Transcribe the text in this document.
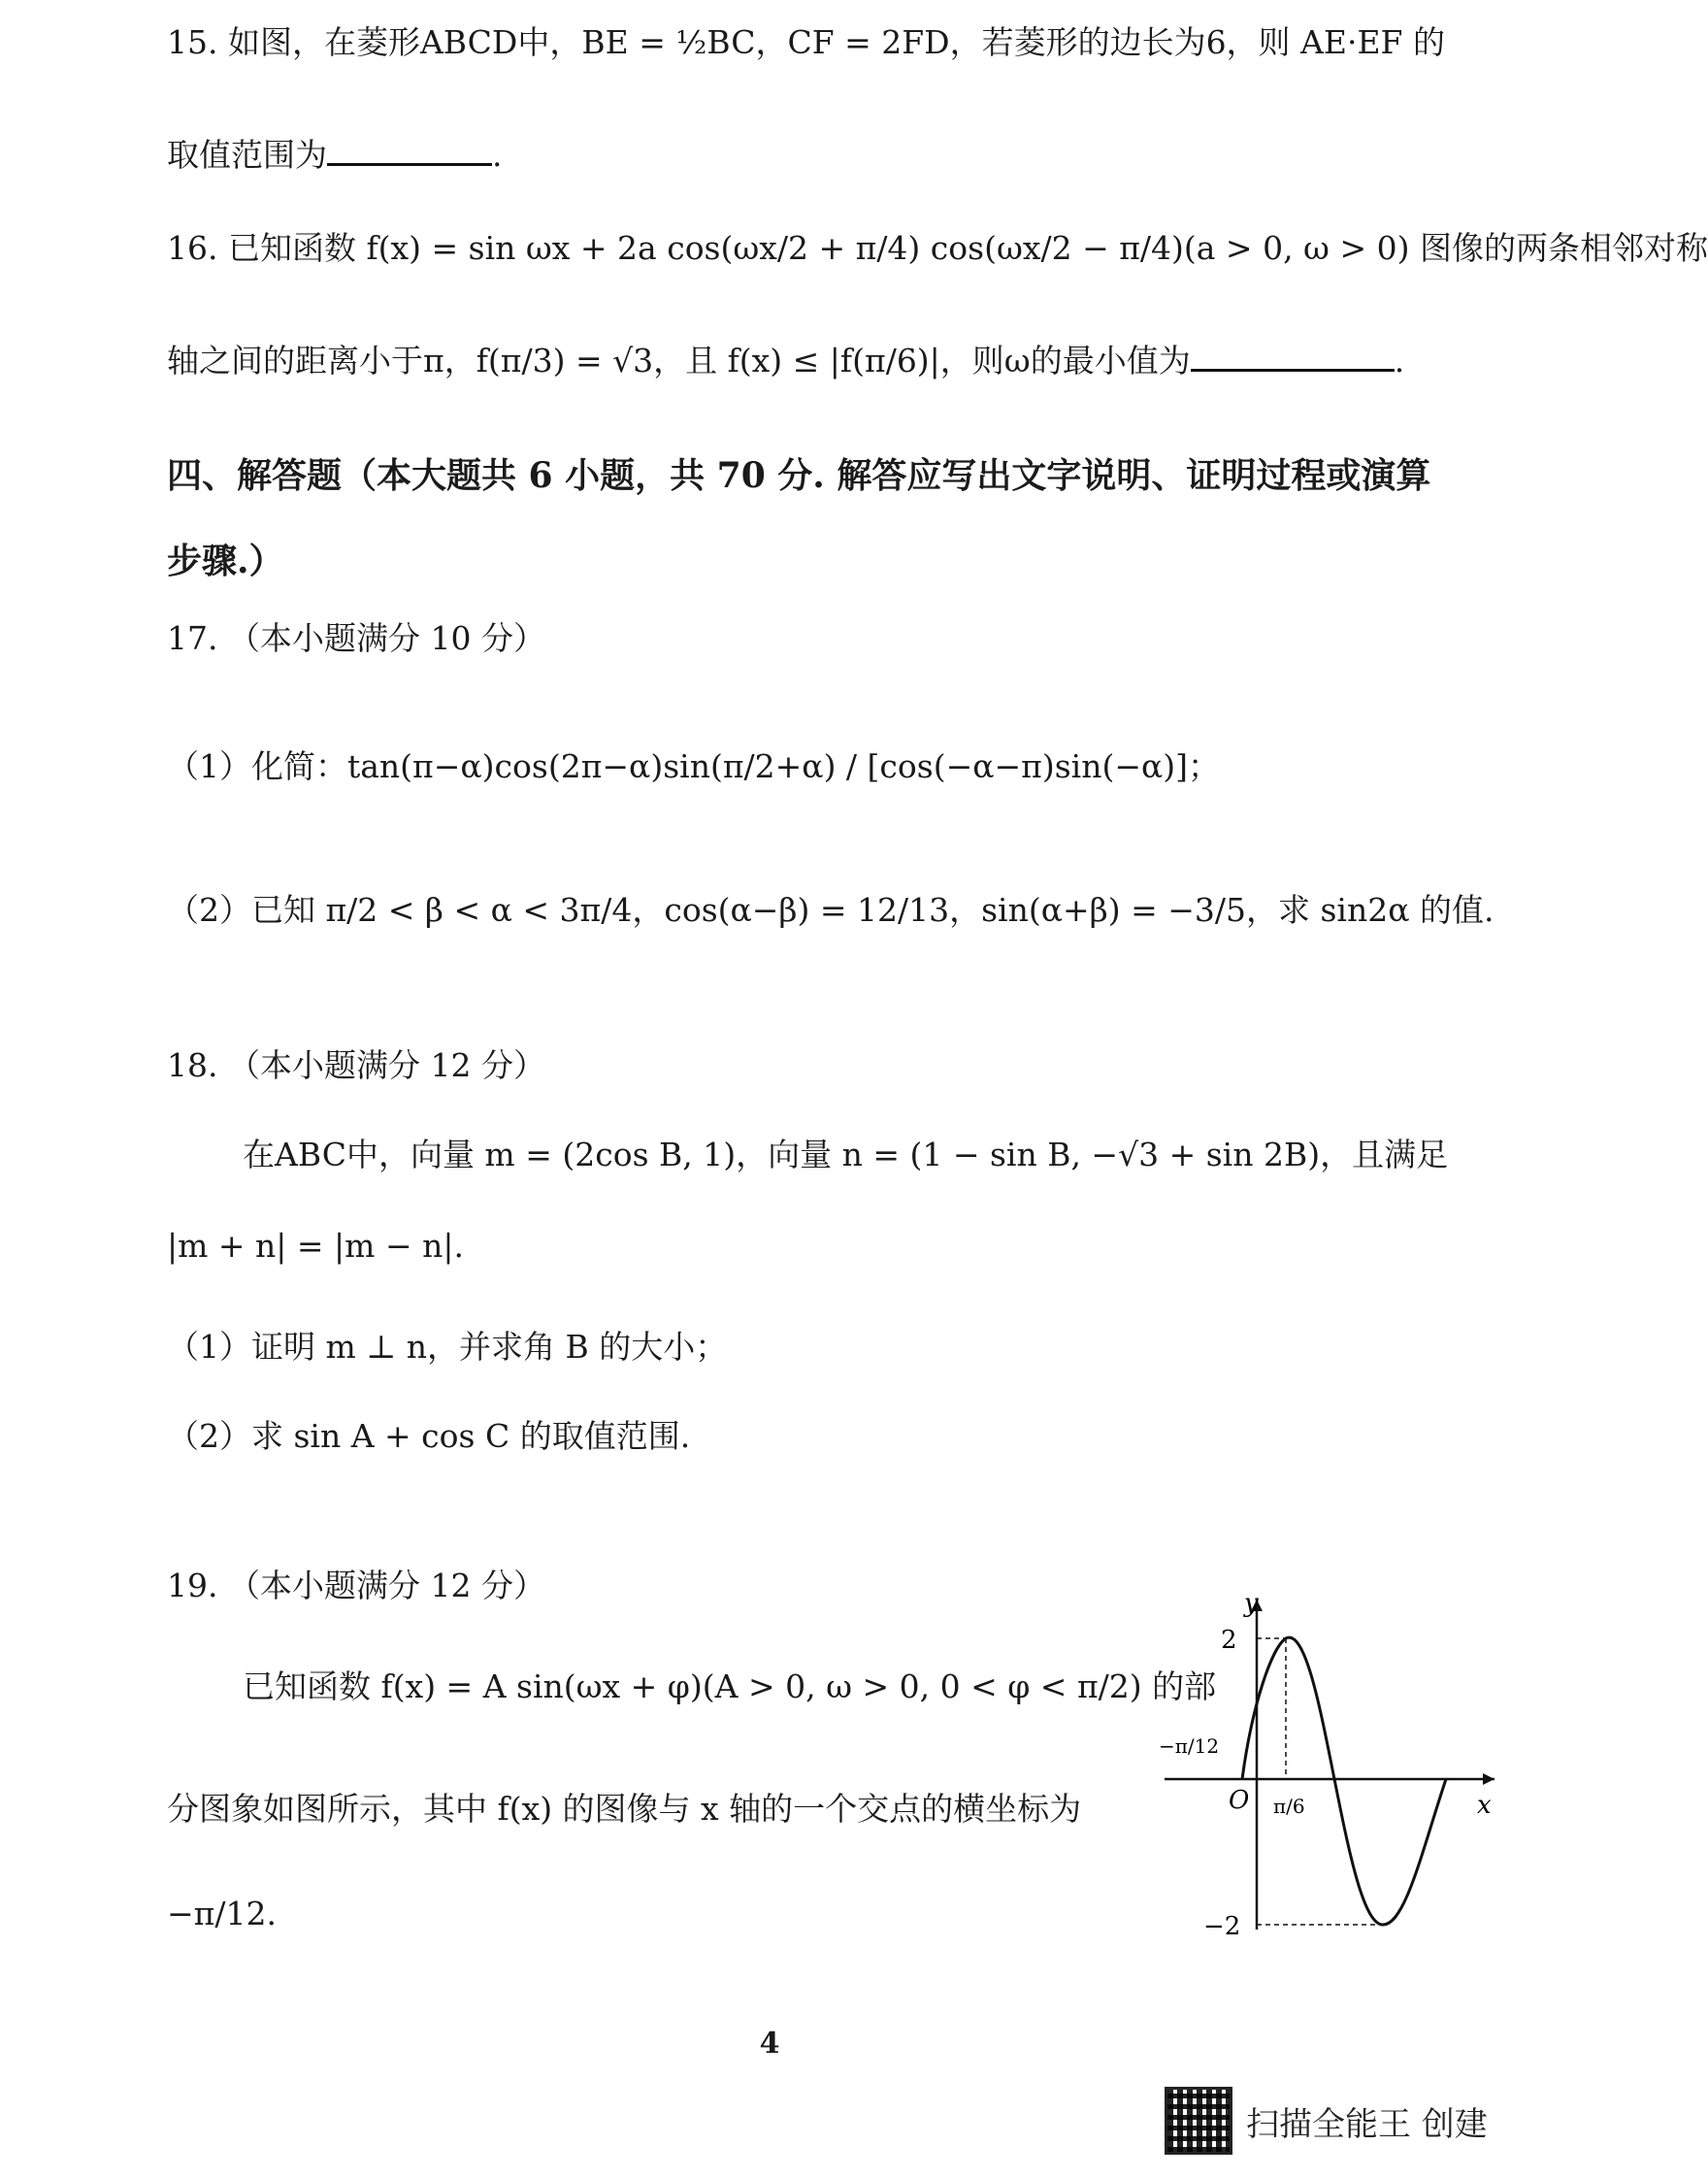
15. 如图，在菱形ABCD中，BE = ½BC，CF = 2FD，若菱形的边长为6，则 AE·EF 的
取值范围为	.
16. 已知函数 f(x) = sin ωx + 2a cos(ωx/2 + π/4) cos(ωx/2 − π/4)(a > 0, ω > 0) 图像的两条相邻对称
轴之间的距离小于π，f(π/3) = √3，且 f(x) ≤ |f(π/6)|，则ω的最小值为	.
四、解答题（本大题共 6 小题，共 70 分. 解答应写出文字说明、证明过程或演算
步骤.）
17. （本小题满分 10 分）
（1）化简：tan(π−α)cos(2π−α)sin(π/2+α) / [cos(−α−π)sin(−α)]；
（2）已知 π/2 < β < α < 3π/4，cos(α−β) = 12/13，sin(α+β) = −3/5，求 sin2α 的值.
18. （本小题满分 12 分）
在ABC中，向量 m = (2cos B, 1)，向量 n = (1 − sin B, −√3 + sin 2B)，且满足
|m + n| = |m − n|.
（1）证明 m ⊥ n，并求角 B 的大小；
（2）求 sin A + cos C 的取值范围.
19. （本小题满分 12 分）
已知函数 f(x) = A sin(ωx + φ)(A > 0, ω > 0, 0 < φ < π/2) 的部
分图象如图所示，其中 f(x) 的图像与 x 轴的一个交点的横坐标为
−π/12.
y
x
O
2
−2
−π/12
π/6
4
扫描全能王 创建
